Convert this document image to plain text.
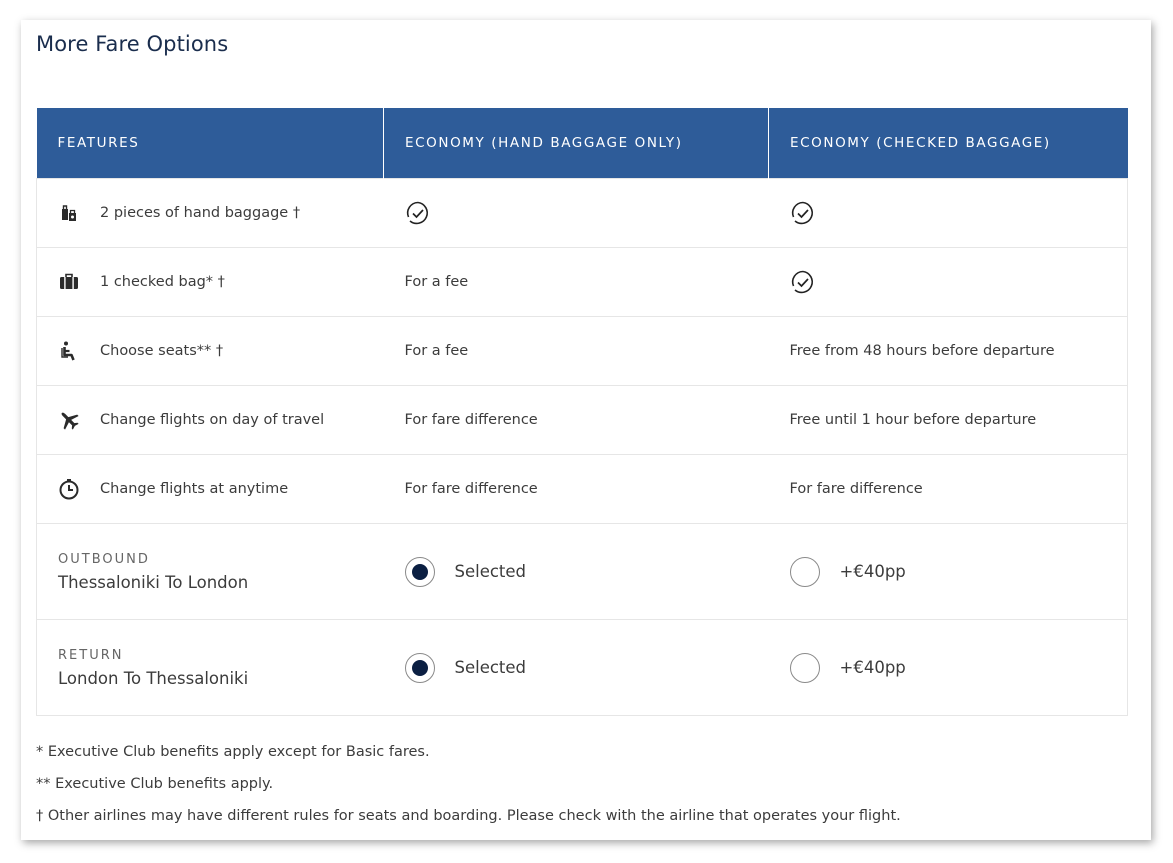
More Fare Options
FEATURES	ECONOMY (HAND BAGGAGE ONLY)	ECONOMY (CHECKED BAGGAGE)

2 pieces of hand baggage †

1 checked bag* †	For a fee	

Choose seats** †	For a fee	Free from 48 hours before departure

Change flights on day of travel	For fare difference	Free until 1 hour before departure

Change flights at anytime	For fare difference	For fare difference

OUTBOUND
Thessaloniki To London	Selected	+€40pp

RETURN
London To Thessaloniki	Selected	+€40pp
* Executive Club benefits apply except for Basic fares.
** Executive Club benefits apply.
† Other airlines may have different rules for seats and boarding. Please check with the airline that operates your flight.
